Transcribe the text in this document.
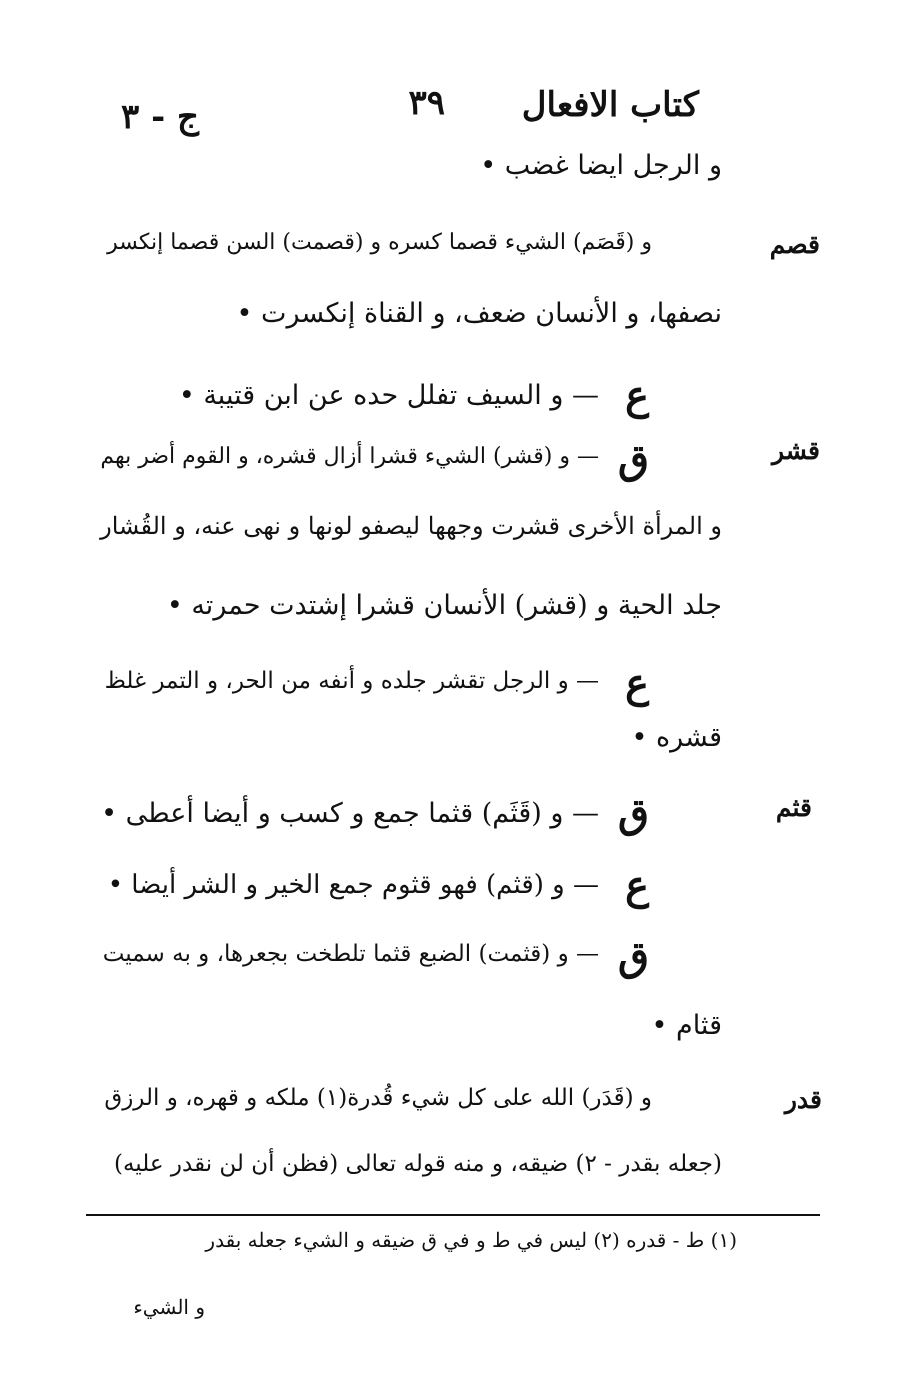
كتاب الافعال
٣٩
ج - ٣
قصم
قشر
قثم
قدر
و الرجل ايضا غضب •
و (قَصَم) الشيء قصما كسره و (قصمت) السن قصما إنكسر
نصفها، و الأنسان ضعف، و القناة إنكسرت •
ع
— و السيف تفلل حده عن ابن قتيبة •
ق
— و (قشر) الشيء قشرا أزال قشره، و القوم أضر بهم
و المرأة الأخرى قشرت وجهها ليصفو لونها و نهى عنه، و القُشار
جلد الحية و (قشر) الأنسان قشرا إشتدت حمرته •
ع
— و الرجل تقشر جلده و أنفه من الحر، و التمر غلظ
قشره •
ق
— و (قَثَم) قثما جمع و كسب و أيضا أعطى •
ع
— و (قثم) فهو قثوم جمع الخير و الشر أيضا •
ق
— و (قثمت) الضبع قثما تلطخت بجعرها، و به سميت
قثام •
و (قَدَر) الله على كل شيء قُدرة(١) ملكه و قهره، و الرزق
(جعله بقدر - ٢) ضيقه، و منه قوله تعالى (فظن أن لن نقدر عليه)
(١) ط - قدره (٢) ليس في ط و في ق ضيقه و الشيء جعله بقدر
و الشيء
